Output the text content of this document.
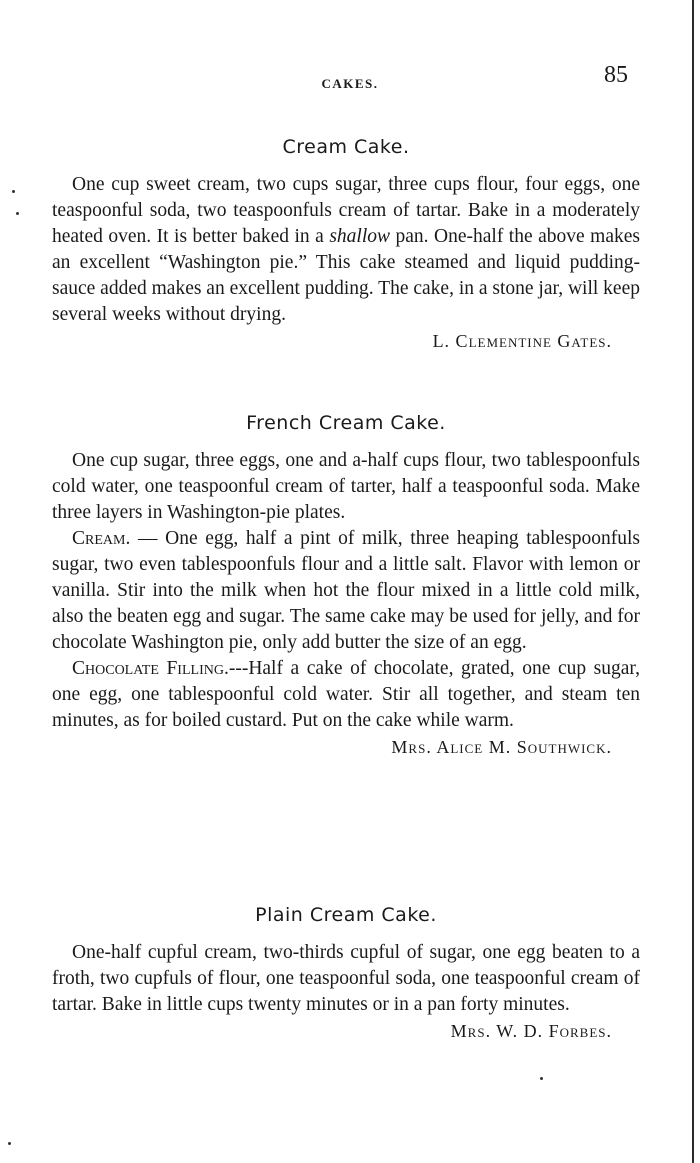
CAKES.	85
Cream Cake.

One cup sweet cream, two cups sugar, three cups flour, four eggs, one teaspoonful soda, two teaspoonfuls cream of tartar. Bake in a moderately heated oven. It is better baked in a shallow pan. One-half the above makes an excellent “Washington pie.” This cake steamed and liquid pudding-sauce added makes an excellent pudding. The cake, in a stone jar, will keep several weeks without drying.

L. Clementine Gates.
French Cream Cake.

One cup sugar, three eggs, one and a-half cups flour, two tablespoonfuls cold water, one teaspoonful cream of tarter, half a teaspoonful soda. Make three layers in Washington-pie plates.

Cream. — One egg, half a pint of milk, three heaping tablespoonfuls sugar, two even tablespoonfuls flour and a little salt. Flavor with lemon or vanilla. Stir into the milk when hot the flour mixed in a little cold milk, also the beaten egg and sugar. The same cake may be used for jelly, and for chocolate Washington pie, only add butter the size of an egg.

Chocolate Filling.---Half a cake of chocolate, grated, one cup sugar, one egg, one tablespoonful cold water. Stir all together, and steam ten minutes, as for boiled custard. Put on the cake while warm.

Mrs. Alice M. Southwick.
Plain Cream Cake.

One-half cupful cream, two-thirds cupful of sugar, one egg beaten to a froth, two cupfuls of flour, one teaspoonful soda, one teaspoonful cream of tartar. Bake in little cups twenty minutes or in a pan forty minutes.

Mrs. W. D. Forbes.
